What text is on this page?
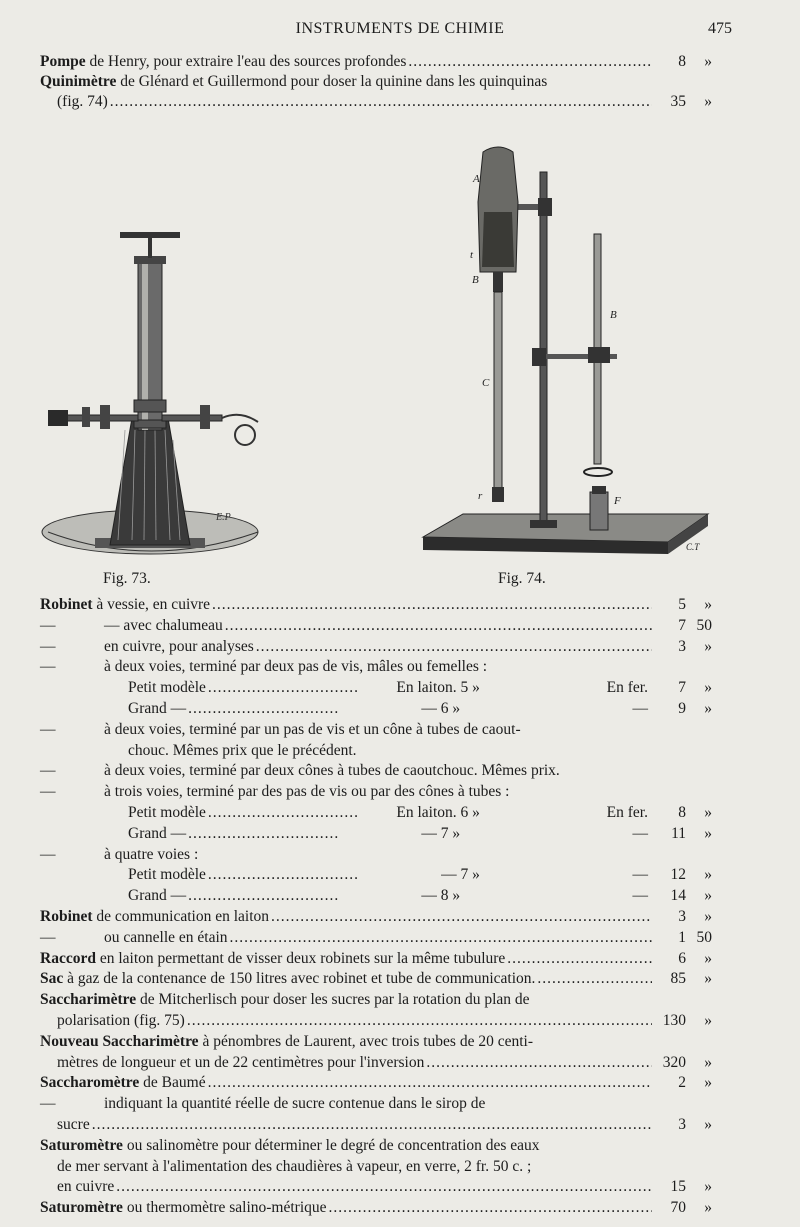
INSTRUMENTS DE CHIMIE	475
Pompe de Henry, pour extraire l'eau des sources profondes .....	8 »
Quinimètre de Glénard et Guillermond pour doser la quinine dans les quinquinas
(fig. 74) .....	35 »
E.P
Fig. 73.
A
t
B
C
r
B
F
C.T
Fig. 74.
Robinet à vessie, en cuivre .....	5 »
—	— avec chalumeau .....	7 50
—	en cuivre, pour analyses .....	3 »
—	à deux voies, terminé par deux pas de vis, mâles ou femelles :
Petit modèle .....	En laiton. 5 »	En fer.	7 »
Grand — .....	— 6 »	—	9 »
—	à deux voies, terminé par un pas de vis et un cône à tubes de caout-
chouc. Mêmes prix que le précédent.
—	à deux voies, terminé par deux cônes à tubes de caoutchouc. Mêmes prix.
—	à trois voies, terminé par des pas de vis ou par des cônes à tubes :
Petit modèle .....	En laiton. 6 »	En fer.	8 »
Grand — .....	— 7 »	—	11 »
—	à quatre voies :
Petit modèle .....	— 7 »	—	12 »
Grand — .....	— 8 »	—	14 »
Robinet de communication en laiton .....	3 »
—	ou cannelle en étain .....	1 50
Raccord en laiton permettant de visser deux robinets sur la même tubulure .....	6 »
Sac à gaz de la contenance de 150 litres avec robinet et tube de communication. .....	85 »
Saccharimètre de Mitcherlisch pour doser les sucres par la rotation du plan de
polarisation (fig. 75) .....	130 »
Nouveau Saccharimètre à pénombres de Laurent, avec trois tubes de 20 centi-
mètres de longueur et un de 22 centimètres pour l'inversion .....	320 »
Saccharomètre de Baumé .....	2 »
—	indiquant la quantité réelle de sucre contenue dans le sirop de
sucre .....	3 »
Saturomètre ou salinomètre pour déterminer le degré de concentration des eaux
de mer servant à l'alimentation des chaudières à vapeur, en verre, 2 fr. 50 c. ;
en cuivre .....	15 »
Saturomètre ou thermomètre salino-métrique .....	70 »
